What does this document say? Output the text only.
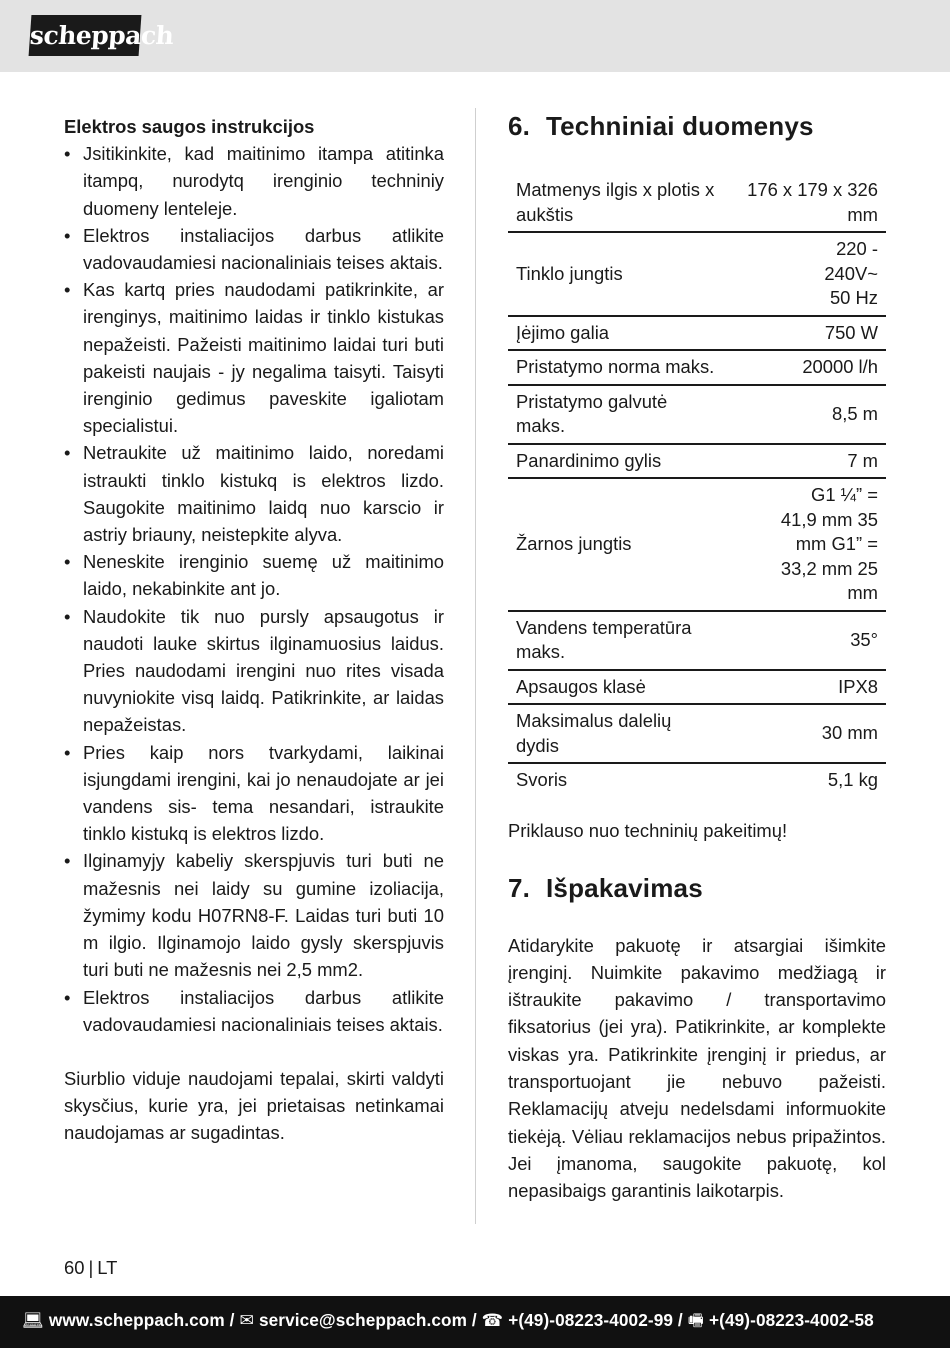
scheppach
Elektros saugos instrukcijos
• Jsitikinkite, kad maitinimo itampa atitinka itampq, nurodytq irenginio techniniy duomeny lenteleje.
• Elektros instaliacijos darbus atlikite vadovaudamiesi nacionaliniais teises aktais.
• Kas kartq pries naudodami patikrinkite, ar irenginys, maitinimo laidas ir tinklo kistukas nepažeisti. Pažeisti maitinimo laidai turi buti pakeisti naujais - jy negalima taisyti. Taisyti irenginio gedimus paveskite igaliotam specialistui.
• Netraukite už maitinimo laido, noredami istraukti tinklo kistukq is elektros lizdo. Saugokite maitinimo laidq nuo karscio ir astriy briauny, neistepkite alyva.
• Neneskite irenginio suemę už maitinimo laido, nekabinkite ant jo.
• Naudokite tik nuo pursly apsaugotus ir naudoti lauke skirtus ilginamuosius laidus. Pries naudodami irengini nuo rites visada nuvyniokite visq laidq. Patikrinkite, ar laidas nepažeistas.
• Pries kaip nors tvarkydami, laikinai isjungdami irengini, kai jo nenaudojate ar jei vandens sis- tema nesandari, istraukite tinklo kistukq is elektros lizdo.
• Ilginamyjy kabeliy skerspjuvis turi buti ne mažesnis nei laidy su gumine izoliacija, žymimy kodu H07RN8-F. Laidas turi buti 10 m ilgio. Ilginamojo laido gysly skerspjuvis turi buti ne mažesnis nei 2,5 mm2.
• Elektros instaliacijos darbus atlikite vadovaudamiesi nacionaliniais teises aktais.

Siurblio viduje naudojami tepalai, skirti valdyti skysčius, kurie yra, jei prietaisas netinkamai naudojamas ar sugadintas.

6. Techniniai duomenys
Matmenys ilgis x plotis x aukštis	176 x 179 x 326 mm
Tinklo jungtis	220 - 240V~ 50 Hz
Įėjimo galia	750 W
Pristatymo norma maks.	20000 l/h
Pristatymo galvutė maks.	8,5 m
Panardinimo gylis	7 m
Žarnos jungtis	G1 ¼” = 41,9 mm 35 mm G1” = 33,2 mm 25 mm
Vandens temperatūra maks.	35°
Apsaugos klasė	IPX8
Maksimalus dalelių dydis	30 mm
Svoris	5,1 kg

Priklauso nuo techninių pakeitimų!

7. Išpakavimas

Atidarykite pakuotę ir atsargiai išimkite įrenginį. Nuimkite pakavimo medžiagą ir ištraukite pakavimo / transportavimo fiksatorius (jei yra). Patikrinkite, ar komplekte viskas yra. Patikrinkite įrenginį ir priedus, ar transportuojant jie nebuvo pažeisti. Reklamacijų atveju nedelsdami informuokite tiekėją. Vėliau reklamacijos nebus pripažintos. Jei įmanoma, saugokite pakuotę, kol nepasibaigs garantinis laikotarpis.

60 | LT
💻︎ www.scheppach.com / ✉︎ service@scheppach.com / ☎︎ +(49)-08223-4002-99 / 🖷︎ +(49)-08223-4002-58
